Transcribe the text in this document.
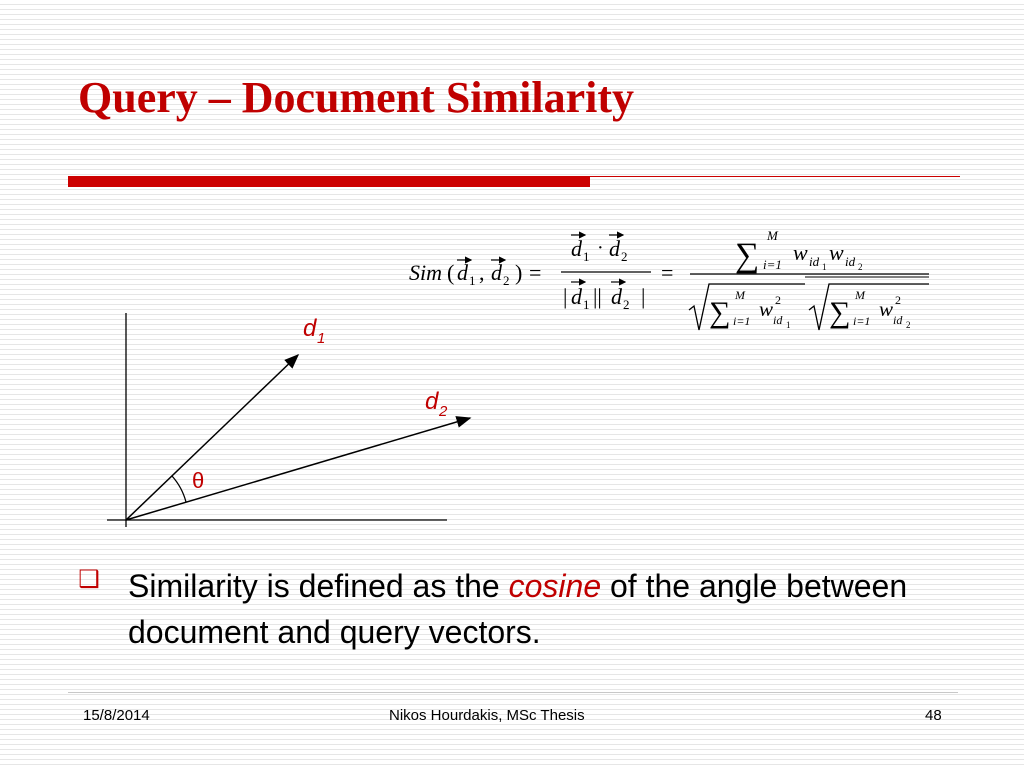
Query – Document Similarity
Sim ( d 1 , d 2 ) =
d 1 · d 2
| d 1 || d 2 |
= ∑
M
i=1 w id 1
w id 2
∑
M
i=1 w 2
id 1 ∑
M
i=1 w 2
id 2
d 1
d 2
θ
❑ Similarity is defined as the cosine of the angle between document and query vectors.
15/8/2014	Nikos Hourdakis, MSc Thesis	48
